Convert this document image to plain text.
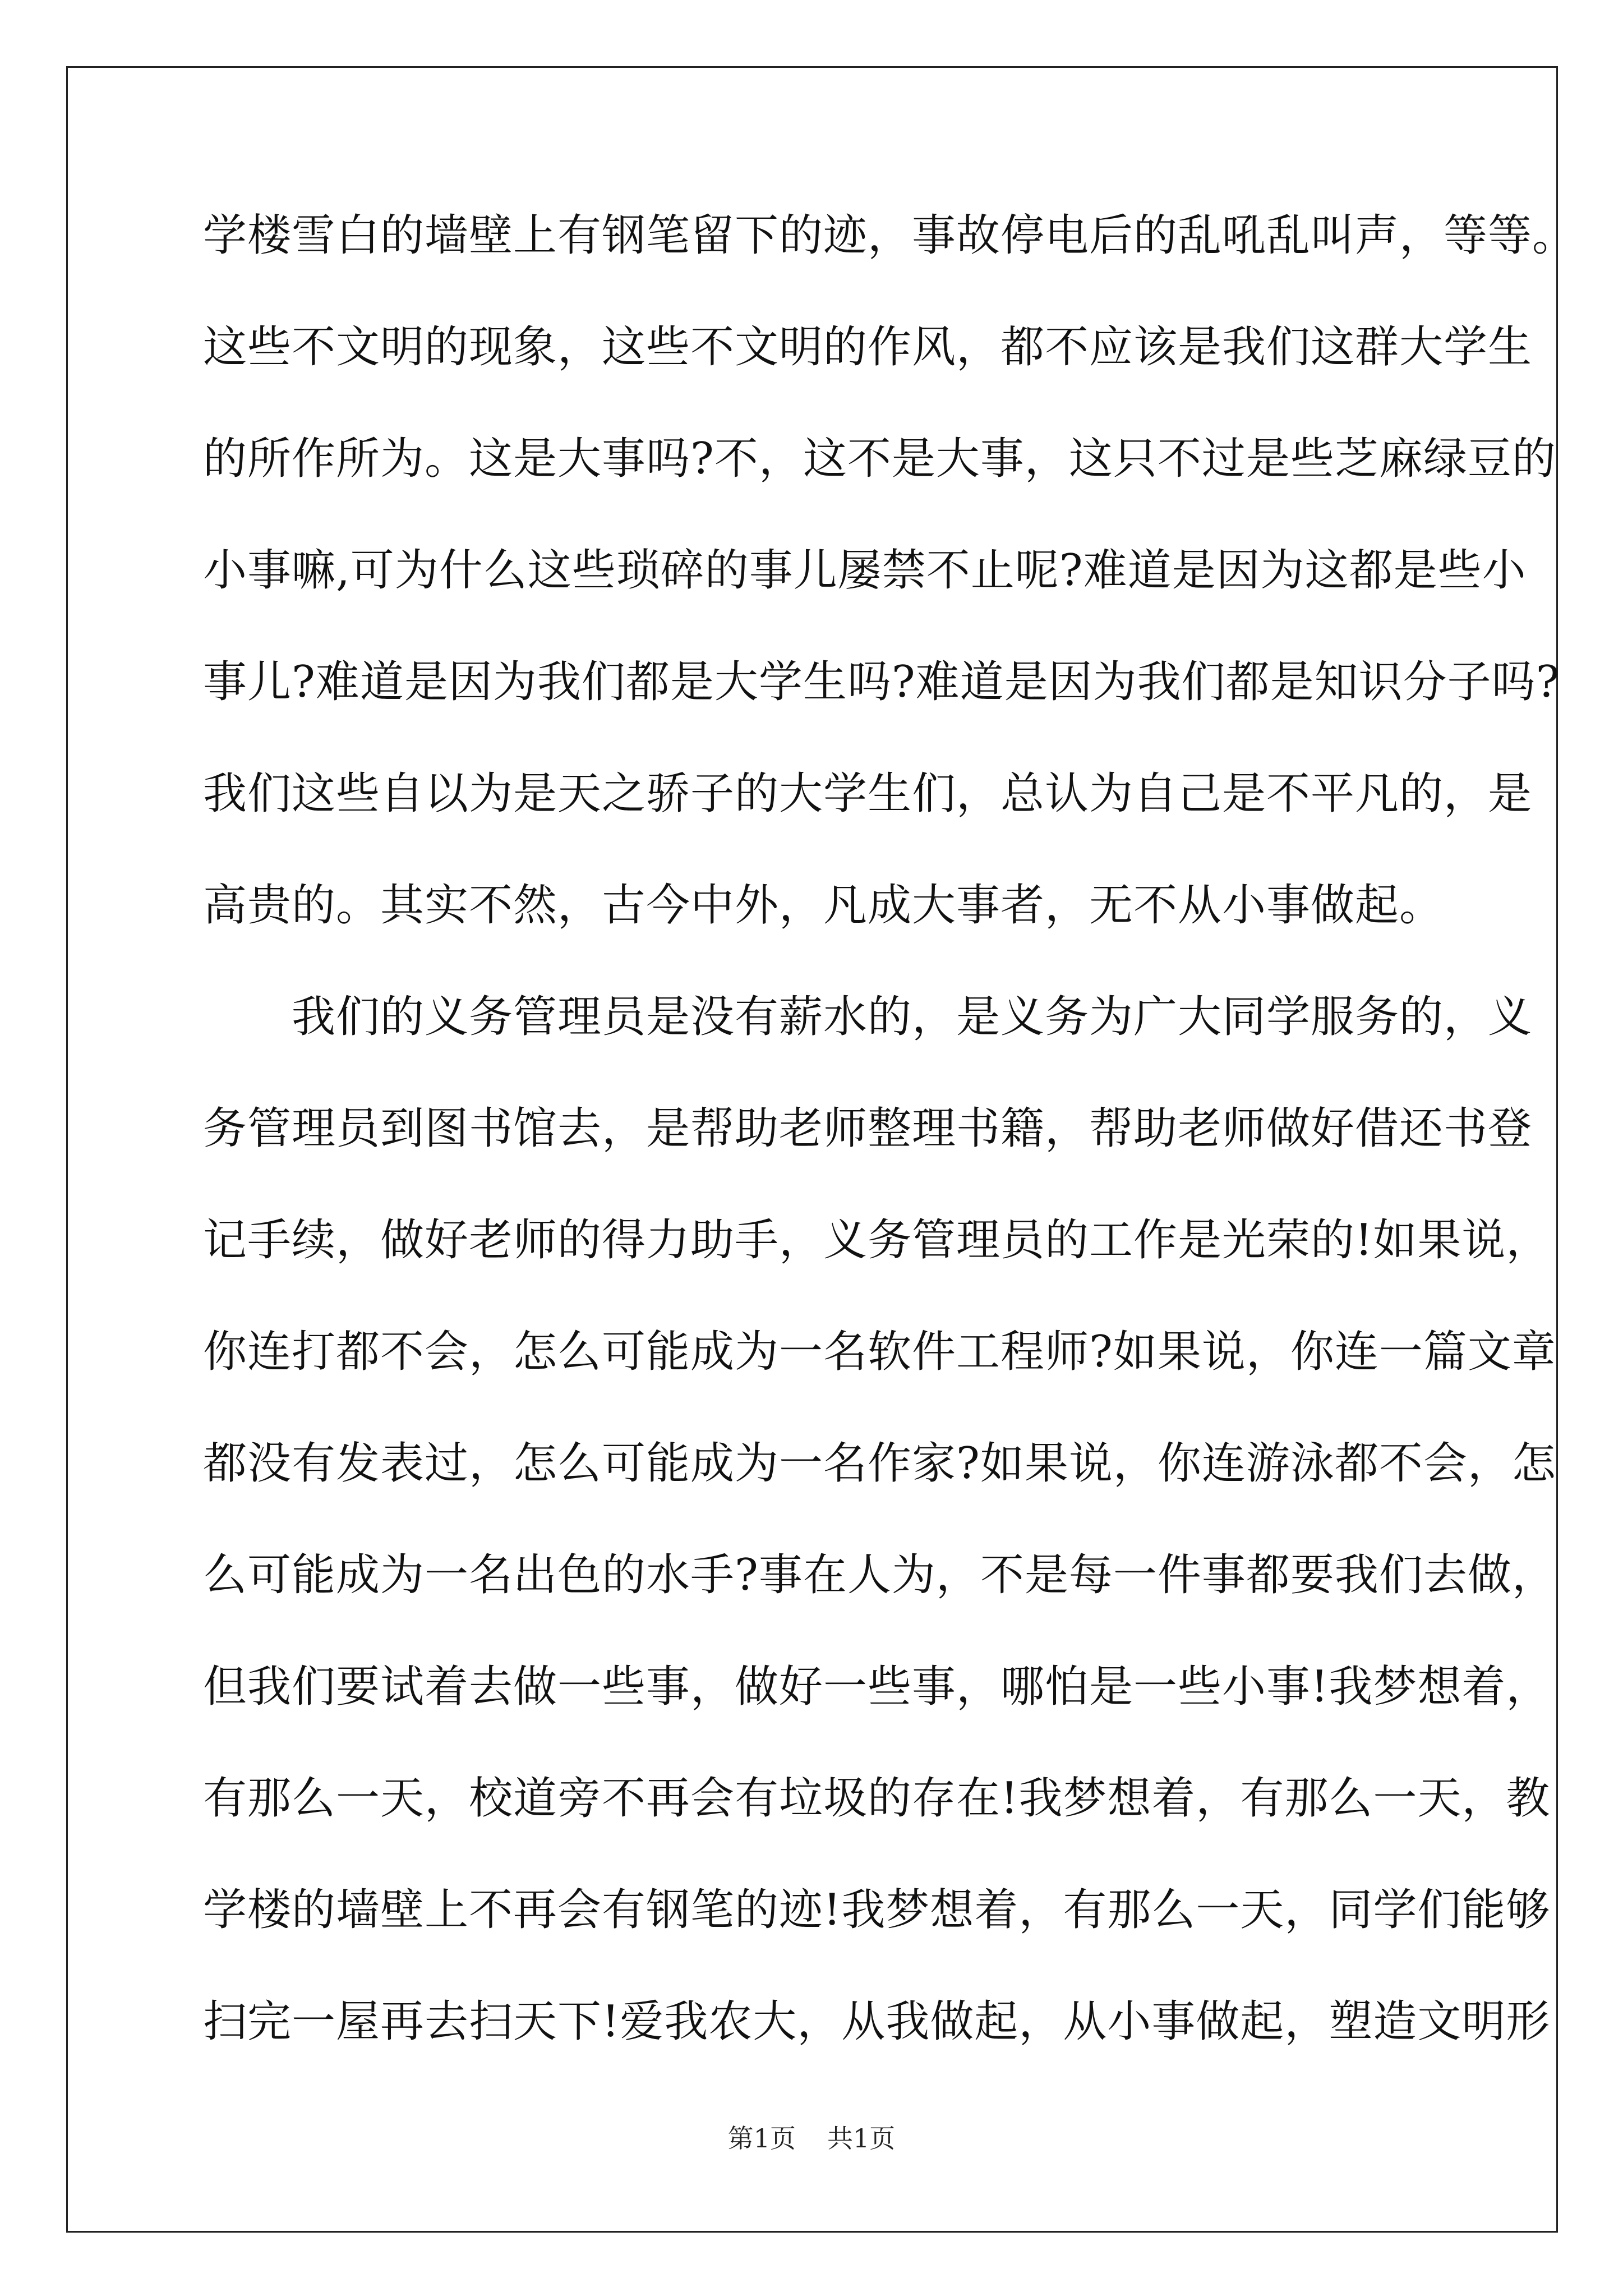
学楼雪白的墙壁上有钢笔留下的迹，事故停电后的乱吼乱叫声，等等。
这些不文明的现象，这些不文明的作风，都不应该是我们这群大学生
的所作所为。这是大事吗?不，这不是大事，这只不过是些芝麻绿豆的
小事嘛,可为什么这些琐碎的事儿屡禁不止呢?难道是因为这都是些小
事儿?难道是因为我们都是大学生吗?难道是因为我们都是知识分子吗?
我们这些自以为是天之骄子的大学生们，总认为自己是不平凡的，是
高贵的。其实不然，古今中外，凡成大事者，无不从小事做起。
　　我们的义务管理员是没有薪水的，是义务为广大同学服务的，义
务管理员到图书馆去，是帮助老师整理书籍，帮助老师做好借还书登
记手续，做好老师的得力助手，义务管理员的工作是光荣的!如果说，
你连打都不会，怎么可能成为一名软件工程师?如果说，你连一篇文章
都没有发表过，怎么可能成为一名作家?如果说，你连游泳都不会，怎
么可能成为一名出色的水手?事在人为，不是每一件事都要我们去做，
但我们要试着去做一些事，做好一些事，哪怕是一些小事!我梦想着，
有那么一天，校道旁不再会有垃圾的存在!我梦想着，有那么一天，教
学楼的墙壁上不再会有钢笔的迹!我梦想着，有那么一天，同学们能够
扫完一屋再去扫天下!爱我农大，从我做起，从小事做起，塑造文明形
第1页 共1页
